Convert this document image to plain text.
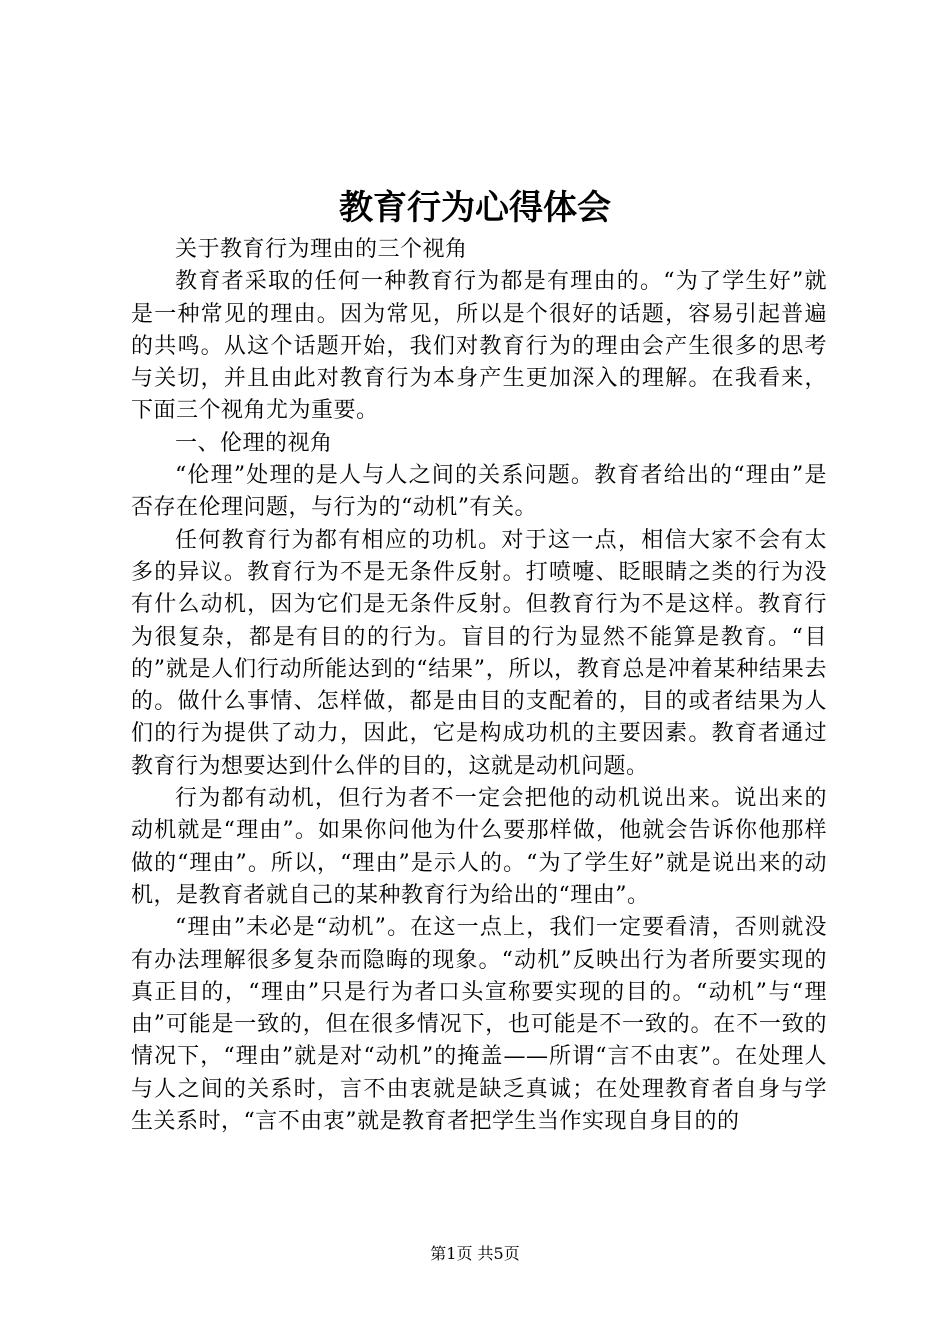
教育行为心得体会

关于教育行为理由的三个视角

教育者采取的任何一种教育行为都是有理由的。“为了学生好”就是一种常见的理由。因为常见，所以是个很好的话题，容易引起普遍的共鸣。从这个话题开始，我们对教育行为的理由会产生很多的思考与关切，并且由此对教育行为本身产生更加深入的理解。在我看来，下面三个视角尤为重要。

一、伦理的视角

“伦理”处理的是人与人之间的关系问题。教育者给出的“理由”是否存在伦理问题，与行为的“动机”有关。

任何教育行为都有相应的功机。对于这一点，相信大家不会有太多的异议。教育行为不是无条件反射。打喷嚏、眨眼睛之类的行为没有什么动机，因为它们是无条件反射。但教育行为不是这样。教育行为很复杂，都是有目的的行为。盲目的行为显然不能算是教育。“目的”就是人们行动所能达到的“结果”，所以，教育总是冲着某种结果去的。做什么事情、怎样做，都是由目的支配着的，目的或者结果为人们的行为提供了动力，因此，它是构成功机的主要因素。教育者通过教育行为想要达到什么伴的目的，这就是动机问题。

行为都有动机，但行为者不一定会把他的动机说出来。说出来的动机就是“理由”。如果你问他为什么要那样做，他就会告诉你他那样做的“理由”。所以，“理由”是示人的。“为了学生好”就是说出来的动机，是教育者就自己的某种教育行为给出的“理由”。

“理由”未必是“动机”。在这一点上，我们一定要看清，否则就没有办法理解很多复杂而隐晦的现象。“动机”反映出行为者所要实现的真正目的，“理由”只是行为者口头宣称要实现的目的。“动机”与“理由”可能是一致的，但在很多情况下，也可能是不一致的。在不一致的情况下，“理由”就是对“动机”的掩盖——所谓“言不由衷”。在处理人与人之间的关系时，言不由衷就是缺乏真诚；在处理教育者自身与学生关系时，“言不由衷”就是教育者把学生当作实现自身目的的

第1页 共5页
